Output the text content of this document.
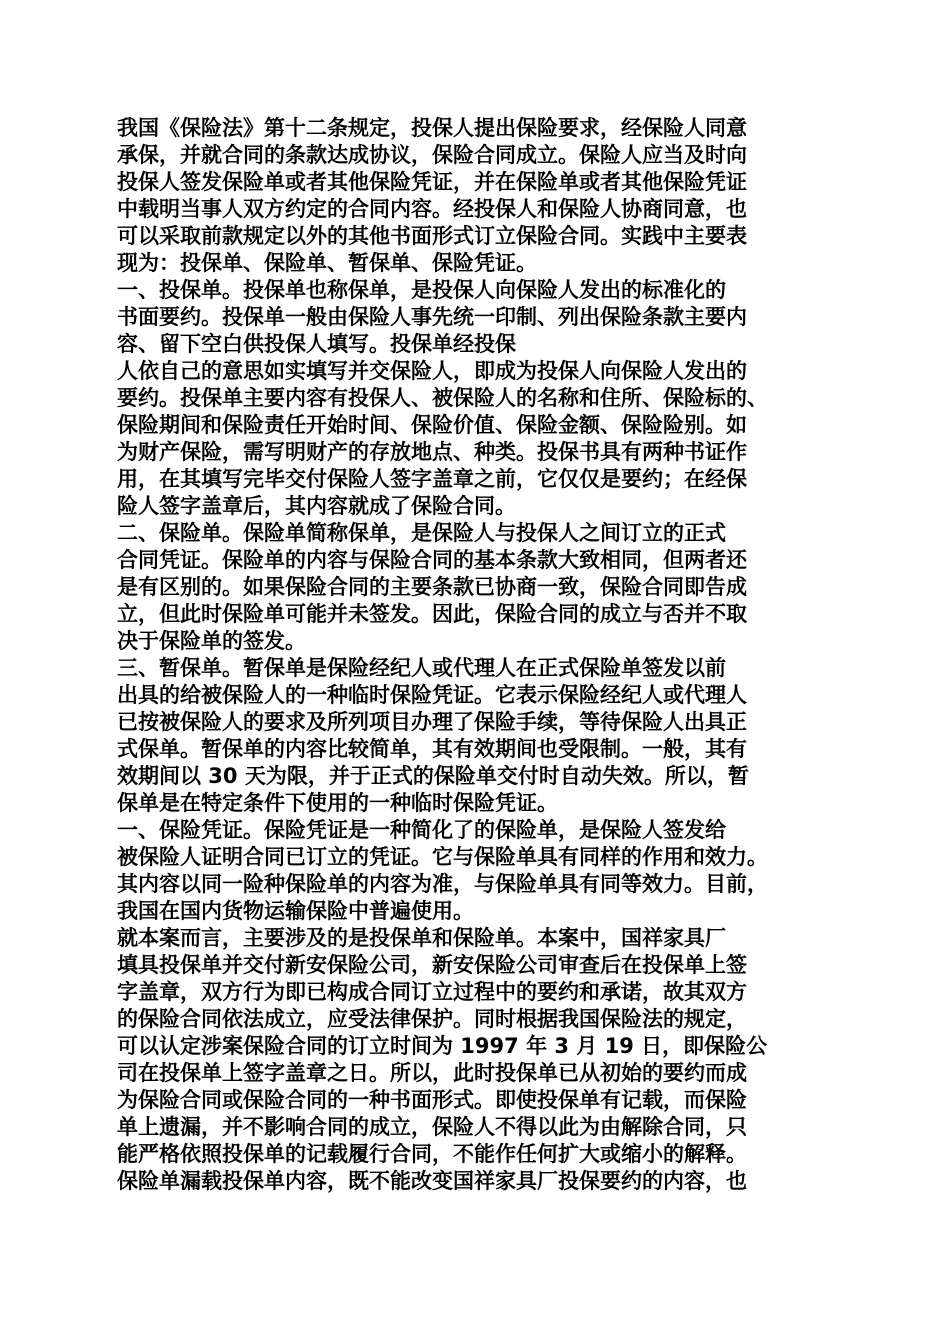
我国《保险法》第十二条规定，投保人提出保险要求，经保险人同意
承保，并就合同的条款达成协议，保险合同成立。保险人应当及时向
投保人签发保险单或者其他保险凭证，并在保险单或者其他保险凭证
中载明当事人双方约定的合同内容。经投保人和保险人协商同意，也
可以采取前款规定以外的其他书面形式订立保险合同。实践中主要表
现为：投保单、保险单、暂保单、保险凭证。
一、投保单。投保单也称保单，是投保人向保险人发出的标准化的
书面要约。投保单一般由保险人事先统一印制、列出保险条款主要内
容、留下空白供投保人填写。投保单经投保
人依自己的意思如实填写并交保险人，即成为投保人向保险人发出的
要约。投保单主要内容有投保人、被保险人的名称和住所、保险标的、
保险期间和保险责任开始时间、保险价值、保险金额、保险险别。如
为财产保险，需写明财产的存放地点、种类。投保书具有两种书证作
用，在其填写完毕交付保险人签字盖章之前，它仅仅是要约；在经保
险人签字盖章后，其内容就成了保险合同。
二、保险单。保险单简称保单，是保险人与投保人之间订立的正式
合同凭证。保险单的内容与保险合同的基本条款大致相同，但两者还
是有区别的。如果保险合同的主要条款已协商一致，保险合同即告成
立，但此时保险单可能并未签发。因此，保险合同的成立与否并不取
决于保险单的签发。
三、暂保单。暂保单是保险经纪人或代理人在正式保险单签发以前
出具的给被保险人的一种临时保险凭证。它表示保险经纪人或代理人
已按被保险人的要求及所列项目办理了保险手续，等待保险人出具正
式保单。暂保单的内容比较简单，其有效期间也受限制。一般，其有
效期间以 30 天为限，并于正式的保险单交付时自动失效。所以，暂
保单是在特定条件下使用的一种临时保险凭证。
一、保险凭证。保险凭证是一种简化了的保险单，是保险人签发给
被保险人证明合同已订立的凭证。它与保险单具有同样的作用和效力。
其内容以同一险种保险单的内容为准，与保险单具有同等效力。目前，
我国在国内货物运输保险中普遍使用。
就本案而言，主要涉及的是投保单和保险单。本案中，国祥家具厂
填具投保单并交付新安保险公司，新安保险公司审查后在投保单上签
字盖章，双方行为即已构成合同订立过程中的要约和承诺，故其双方
的保险合同依法成立，应受法律保护。同时根据我国保险法的规定，
可以认定涉案保险合同的订立时间为 1997 年 3 月 19 日，即保险公
司在投保单上签字盖章之日。所以，此时投保单已从初始的要约而成
为保险合同或保险合同的一种书面形式。即使投保单有记载，而保险
单上遗漏，并不影响合同的成立，保险人不得以此为由解除合同，只
能严格依照投保单的记载履行合同，不能作任何扩大或缩小的解释。
保险单漏载投保单内容，既不能改变国祥家具厂投保要约的内容，也
